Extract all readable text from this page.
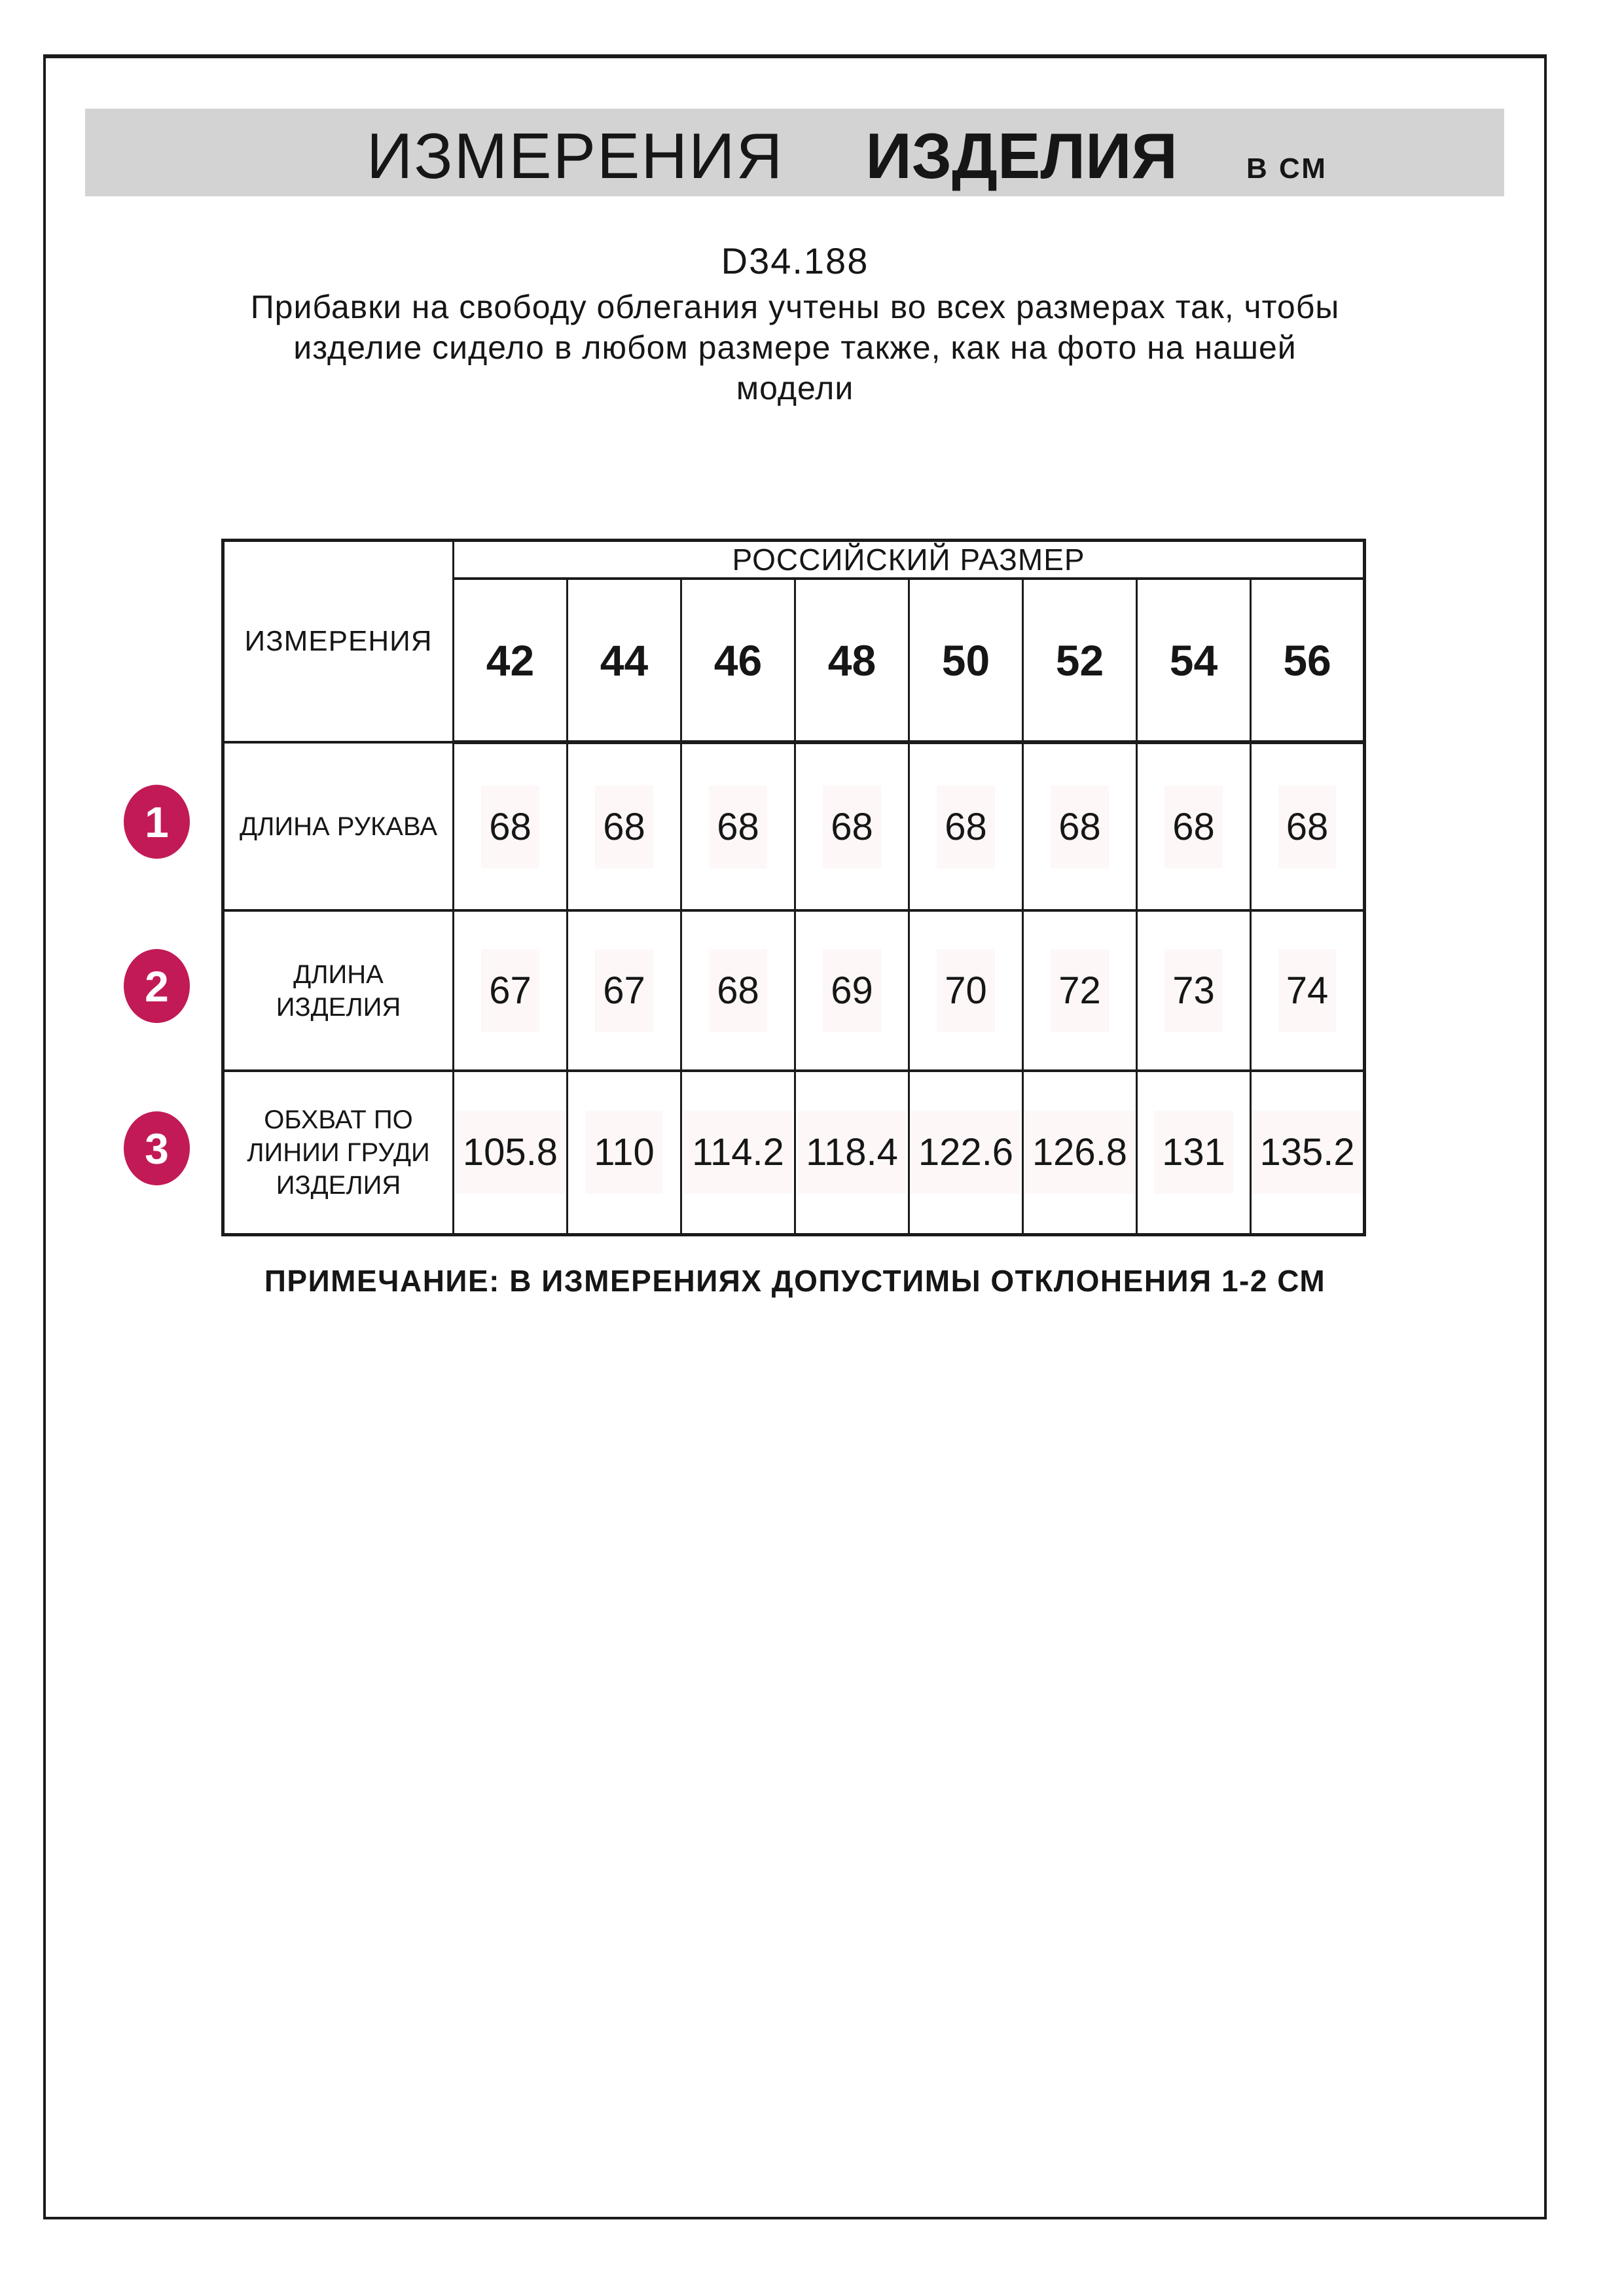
ИЗМЕРЕНИЯ ИЗДЕЛИЯ В СМ
D34.188
Прибавки на свободу облегания учтены во всех размерах так, чтобы
изделие сидело в любом размере также, как на фото на нашей
модели
ИЗМЕРЕНИЯ	РОССИЙСКИЙ РАЗМЕР							
	42	44	46	48	50	52	54	56

ДЛИНА РУКАВА	68	68	68	68	68	68	68	68

ДЛИНА
ИЗДЕЛИЯ	67	67	68	69	70	72	73	74

ОБХВАТ ПО
ЛИНИИ ГРУДИ
ИЗДЕЛИЯ	105.8	110	114.2	118.4	122.6	126.8	131	135.2
1
2
3
ПРИМЕЧАНИЕ: В ИЗМЕРЕНИЯХ ДОПУСТИМЫ ОТКЛОНЕНИЯ 1-2 СМ
